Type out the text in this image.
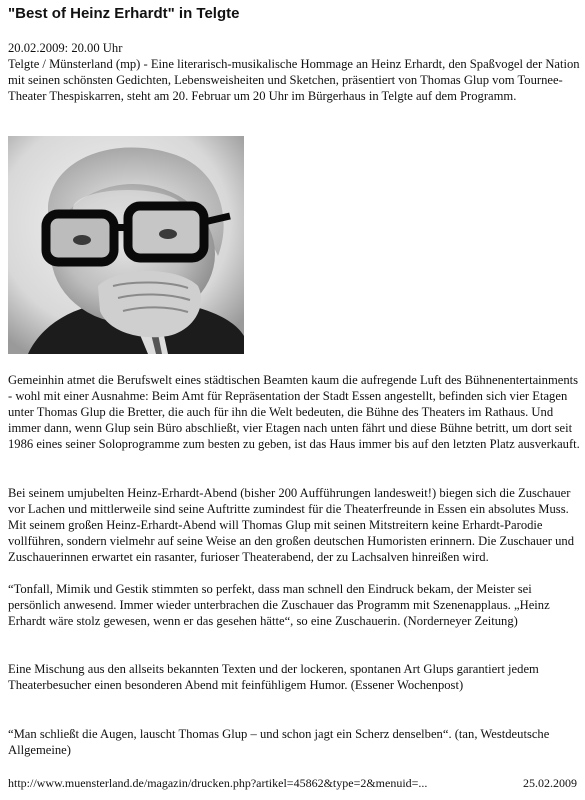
"Best of Heinz Erhardt" in Telgte
20.02.2009: 20.00 Uhr
Telgte / Münsterland (mp) - Eine literarisch-musikalische Hommage an Heinz Erhardt, den Spaßvogel der Nation mit seinen schönsten Gedichten, Lebensweisheiten und Sketchen, präsentiert von Thomas Glup vom Tournee-Theater Thespiskarren, steht am 20. Februar um 20 Uhr im Bürgerhaus in Telgte auf dem Programm.
Gemeinhin atmet die Berufswelt eines städtischen Beamten kaum die aufregende Luft des Bühnenentertainments - wohl mit einer Ausnahme: Beim Amt für Repräsentation der Stadt Essen angestellt, befinden sich vier Etagen unter Thomas Glup die Bretter, die auch für ihn die Welt bedeuten, die Bühne des Theaters im Rathaus. Und immer dann, wenn Glup sein Büro abschließt, vier Etagen nach unten fährt und diese Bühne betritt, um dort seit 1986 eines seiner Soloprogramme zum besten zu geben, ist das Haus immer bis auf den letzten Platz ausverkauft.
Bei seinem umjubelten Heinz-Erhardt-Abend (bisher 200 Aufführungen landesweit!) biegen sich die Zuschauer vor Lachen und mittlerweile sind seine Auftritte zumindest für die Theaterfreunde in Essen ein absolutes Muss. Mit seinem großen Heinz-Erhardt-Abend will Thomas Glup mit seinen Mitstreitern keine Erhardt-Parodie vollführen, sondern vielmehr auf seine Weise an den großen deutschen Humoristen erinnern. Die Zuschauer und Zuschauerinnen erwartet ein rasanter, furioser Theaterabend, der zu Lachsalven hinreißen wird.
“Tonfall, Mimik und Gestik stimmten so perfekt, dass man schnell den Eindruck bekam, der Meister sei persönlich anwesend. Immer wieder unterbrachen die Zuschauer das Programm mit Szenenapplaus. „Heinz Erhardt wäre stolz gewesen, wenn er das gesehen hätte“, so eine Zuschauerin. (Norderneyer Zeitung)
Eine Mischung aus den allseits bekannten Texten und der lockeren, spontanen Art Glups garantiert jedem Theaterbesucher einen besonderen Abend mit feinfühligem Humor. (Essener Wochenpost)
“Man schließt die Augen, lauscht Thomas Glup – und schon jagt ein Scherz denselben“. (tan, Westdeutsche Allgemeine)
http://www.muensterland.de/magazin/drucken.php?artikel=45862&type=2&menuid=...	25.02.2009
